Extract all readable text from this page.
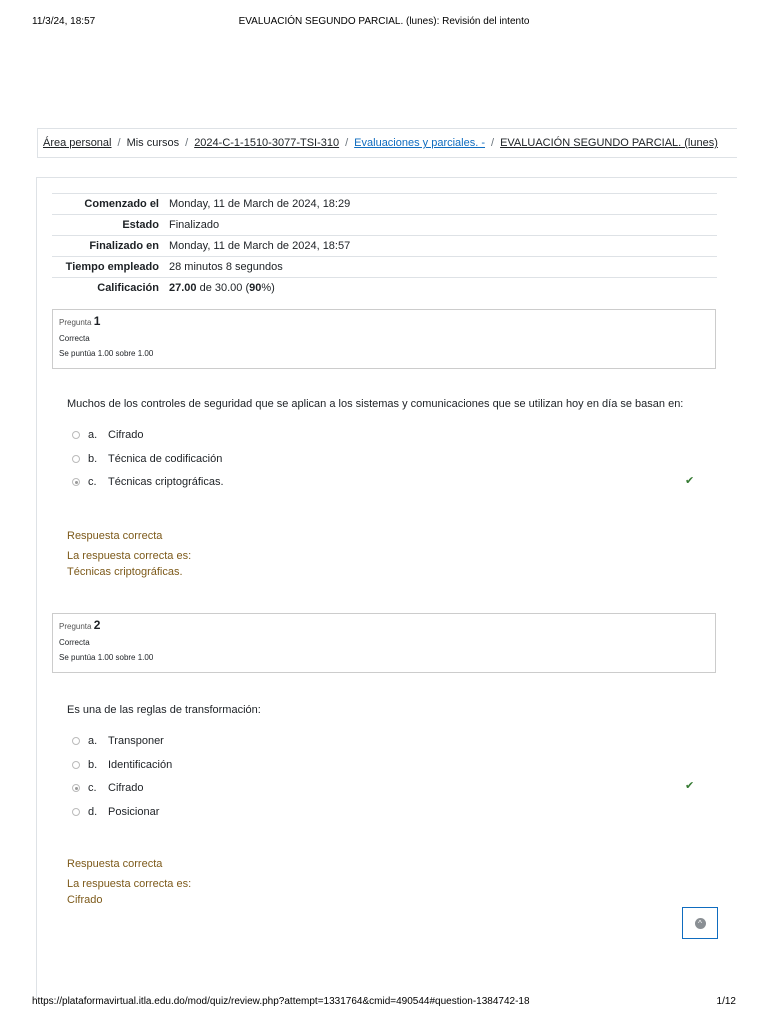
11/3/24, 18:57	EVALUACIÓN SEGUNDO PARCIAL. (lunes): Revisión del intento
Área personal / Mis cursos / 2024-C-1-1510-3077-TSI-310 / Evaluaciones y parciales. - / EVALUACIÓN SEGUNDO PARCIAL. (lunes)
Comenzado el	Monday, 11 de March de 2024, 18:29
Estado	Finalizado
Finalizado en	Monday, 11 de March de 2024, 18:57
Tiempo empleado	28 minutos 8 segundos
Calificación	27.00 de 30.00 (90%)
Pregunta 1
Correcta
Se puntúa 1.00 sobre 1.00
Muchos de los controles de seguridad que se aplican a los sistemas y comunicaciones que se utilizan hoy en día se basan en:
a. Cifrado
b. Técnica de codificación
c.	Técnicas criptográficas.	✔
Respuesta correcta
La respuesta correcta es:
Técnicas criptográficas.
Pregunta 2
Correcta
Se puntúa 1.00 sobre 1.00
Es una de las reglas de transformación:
a. Transponer
b. Identificación
c.	Cifrado
d. Posicionar
✔
Respuesta correcta
La respuesta correcta es:
Cifrado
^
https://plataformavirtual.itla.edu.do/mod/quiz/review.php?attempt=1331764&cmid=490544#question-1384742-18	1/12
